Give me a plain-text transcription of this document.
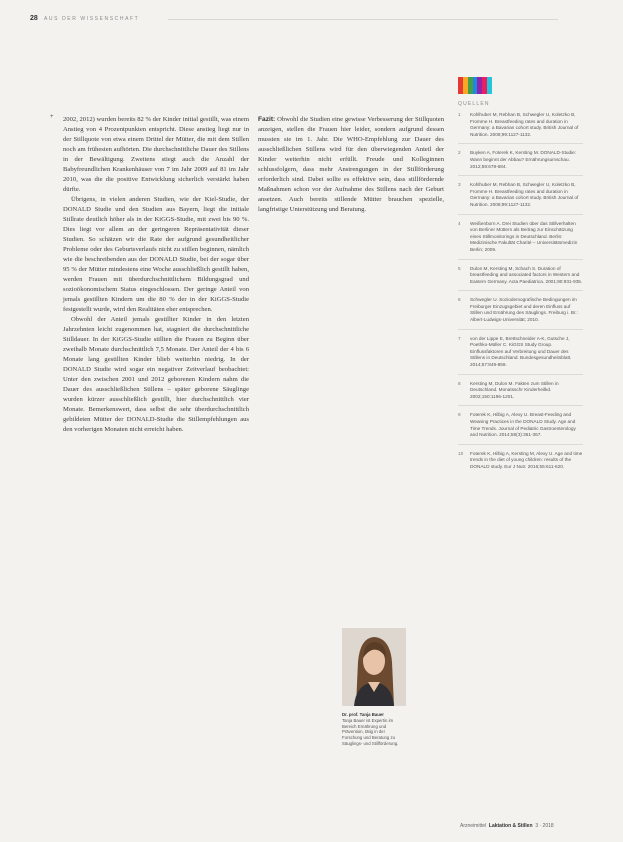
28 AUS DER WISSENSCHAFT
+ 2002, 2012) wurden bereits 82 % der Kinder initial gestillt, was einem Anstieg von 4 Prozentpunkten entspricht. Diese anstieg liegt nur in der Stillquote von etwa einem Drittel der Mütter, die mit dem Stillen noch am frühesten aufhörten. Die durchschnittliche Dauer des Stillens in der Bewältigung. Zweitens stiegt auch die Anzahl der Babyfreundlichen Krankenhäuser von 7 im Jahr 2009 auf 81 im Jahr 2010, was die die positive Entwicklung sicherlich verstärkt haben dürfte.

Übrigens, in vielen anderen Studien, wie der Kiel-Studie, der DONALD Studie und den Studien aus Bayern, liegt die initiale Stillrate deutlich höher als in der KiGGS-Studie, mit zwei bis 90 %. Dies liegt vor allem an der geringeren Repräsentativität dieser Studien. So schätzen wir die Rate der aufgrund gesundheitlicher Probleme oder des Geburtsverlaufs nicht zu stillen beginnen, nämlich wie die beschreibenden aus der DONALD Studie, bei der sogar über 95 % der Mütter mindestens eine Woche ausschließlich gestillt haben, werden Frauen mit überdurchschnittlichem Bildungsgrad und sozioökonomischem Status eingeschlossen. Der geringe Anteil von jemals gestillten Kindern um die 80 % der in der KiGGS-Studie festgestellt wurde, wird den Realitäten eher entsprechen.

Obwohl der Anteil jemals gestillter Kinder in den letzten Jahrzehnten leicht zugenommen hat, stagniert die durchschnittliche Stilldauer. In der KiGGS-Studie stillten die Frauen zu Beginn über zweihalb Monate durchschnittlich 7,5 Monate. Der Anteil der 4 bis 6 Monate lang gestillten Kinder blieb weiterhin niedrig. In der DONALD Studie wird sogar ein negativer Zeitverlauf beobachtet: Unter den zwischen 2001 und 2012 geborenen Kindern nahm die Dauer des ausschließlichen Stillens – später geborene Säuglinge wurden kürzer ausschließlich gestillt, hier durchschnittlich vier Monate. Bemerkenswert, dass selbst die sehr überdurchschnittlich gebildeten Mütter der DONALD-Studie die Stillempfehlungen aus den vorherigen Monaten nicht erreicht haben.

Fazit: Obwohl die Studien eine gewisse Verbesserung der Stillquoten anzeigen, stellen die Frauen hier leider, sondern aufgrund dessen mussten sie im 1. Jahr. Die WHO-Empfehlung zur Dauer des ausschließlichen Stillens wird für den überwiegenden Anteil der Kinder weiterhin nicht erfüllt. Freude und Kolleginnen schlussfolgern, dass mehr Anstrengungen in der Stillförderung erforderlich sind. Dabei sollte es effektive sein, dass stillfördernde Maßnahmen schon vor der Aufnahme des Stillens nach der Geburt ansetzen. Auch bereits stillende Mütter brauchen spezielle, langfristige Unterstützung und Beratung.

QUELLEN
1	Kohlhuber M, Rebhan B, Schwegler U, Koletzko B, Fromme H. Breastfeeding rates and duration in Germany: a Bavarian cohort study. British Journal of Nutrition. 2008;99:1127-1132.
2	Buyken A, Foterek K, Kersting M. DONALD-Studie: Wann beginnt der Abbau? Ernährungsumschau. 2012;59:678-684.
3	Kohlhuber M, Rebhan B, Schwegler U, Koletzko B, Fromme H. Breastfeeding rates and duration in Germany: a Bavarian cohort study. British Journal of Nutrition. 2008;99:1127-1132.
4	Weißenborn A. Drei Studien über das Stillverhalten von Berliner Müttern als Beitrag zur Einschätzung eines Stillmonitorings in Deutschland. Berlin: Medizinische Fakultät Charité – Universitätsmedizin Berlin; 2009.
5	Dulon M, Kersting M, Schach S. Duration of breastfeeding and associated factors in Western and Eastern Germany. Acta Paediatrica. 2001;90:931-935.
6	Schwegler U. Soziodemografische Bedingungen im Freiburger Einzugsgebiet und deren Einfluss auf Stillen und Ernährung des Säuglings. Freiburg i. Br.: Albert-Ludwigs-Universität; 2010.
7	von der Lippe E, Brettschneider A-K, Gutsche J, Poethko-Müller C. KiGGS Study Group. Einflussfaktoren auf Verbreitung und Dauer des Stillens in Deutschland. Bundesgesundheitsblatt. 2014;57:849-859.
8	Kersting M, Dulon M. Fakten zum Stillen in Deutschland. Monatsschr Kinderheilkd. 2002;150:1196-1201.
9	Foterek K, Hilbig A, Alexy U. Breast-Feeding and Weaning Practices in the DONALD Study. Age and Time Trends. Journal of Pediatric Gastroenterology and Nutrition. 2014;58(3):361-367.
10	Foterek K, Hilbig A, Kersting M, Alexy U. Age and time trends in the diet of young children: results of the DONALD study. Eur J Nutr. 2016;55:611-620.
Dr. prof. Tanja Bauer
Tanja Bauer ist Expertin im Bereich Ernährung und Prävention, tätig in der Forschung und Beratung zu Säuglings- und Stillförderung.
Arzneimittel Laktation & Stillen 3 · 2018
